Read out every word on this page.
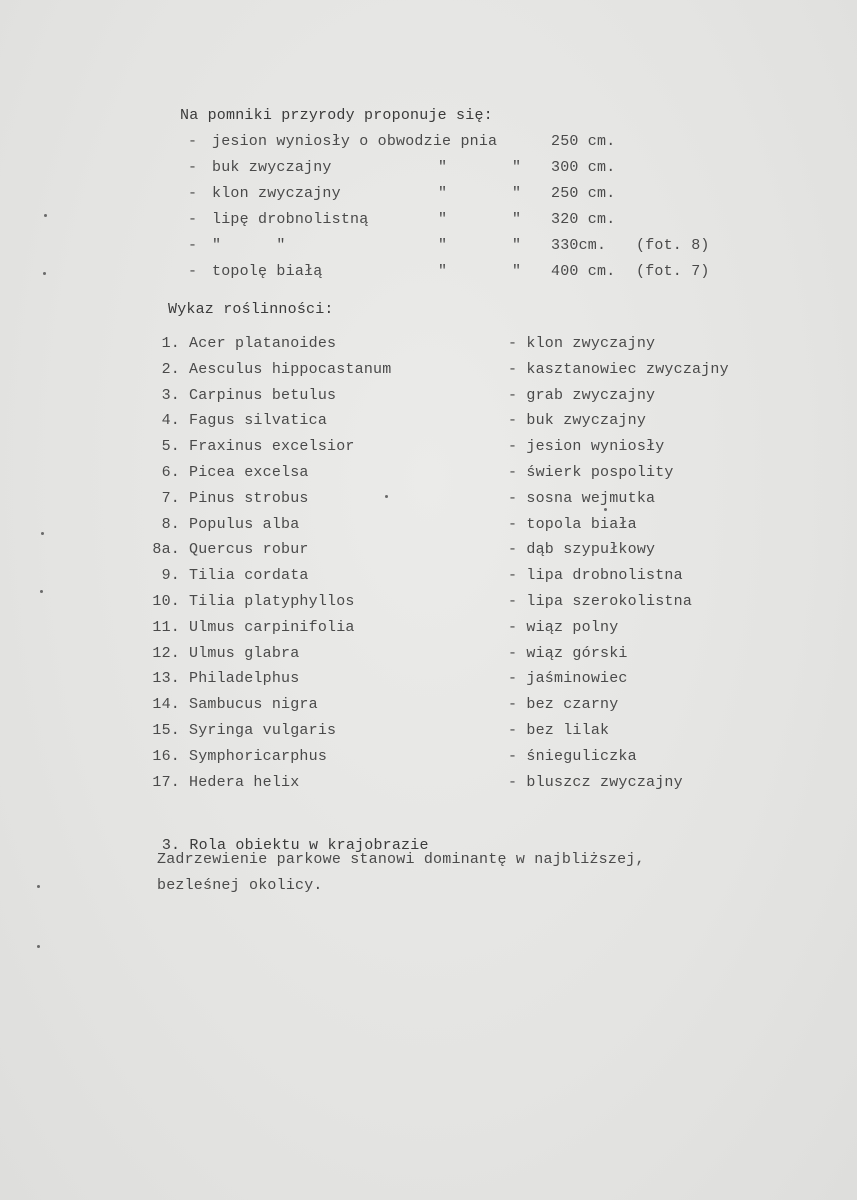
Na pomniki przyrody proponuje się:
- jesion wyniosły o obwodzie pnia	250 cm.
- buk zwyczajny	"	" 300 cm.
- klon zwyczajny	"	" 250 cm.
- lipę drobnolistną	"	" 320 cm.
- "      "	"	" 330cm. (fot. 8)
- topolę białą	"	" 400 cm. (fot. 7)
Wykaz roślinności:
1. Acer platanoides	- klon zwyczajny
2. Aesculus hippocastanum	- kasztanowiec zwyczajny
3. Carpinus betulus	- grab zwyczajny
4. Fagus silvatica	- buk zwyczajny
5. Fraxinus excelsior	- jesion wyniosły
6. Picea excelsa	- świerk pospolity
7. Pinus strobus	- sosna wejmutka
8. Populus alba	- topola biała
8a. Quercus robur	- dąb szypułkowy
9. Tilia cordata	- lipa drobnolistna
10. Tilia platyphyllos	- lipa szerokolistna
11. Ulmus carpinifolia	- wiąz polny
12. Ulmus glabra	- wiąz górski
13. Philadelphus	- jaśminowiec
14. Sambucus nigra	- bez czarny
15. Syringa vulgaris	- bez lilak
16. Symphoricarphus	- śnieguliczka
17. Hedera helix	- bluszcz zwyczajny

3. Rola obiektu w krajobrazie

Zadrzewienie parkowe stanowi dominantę w najbliższej,
bezleśnej okolicy.
